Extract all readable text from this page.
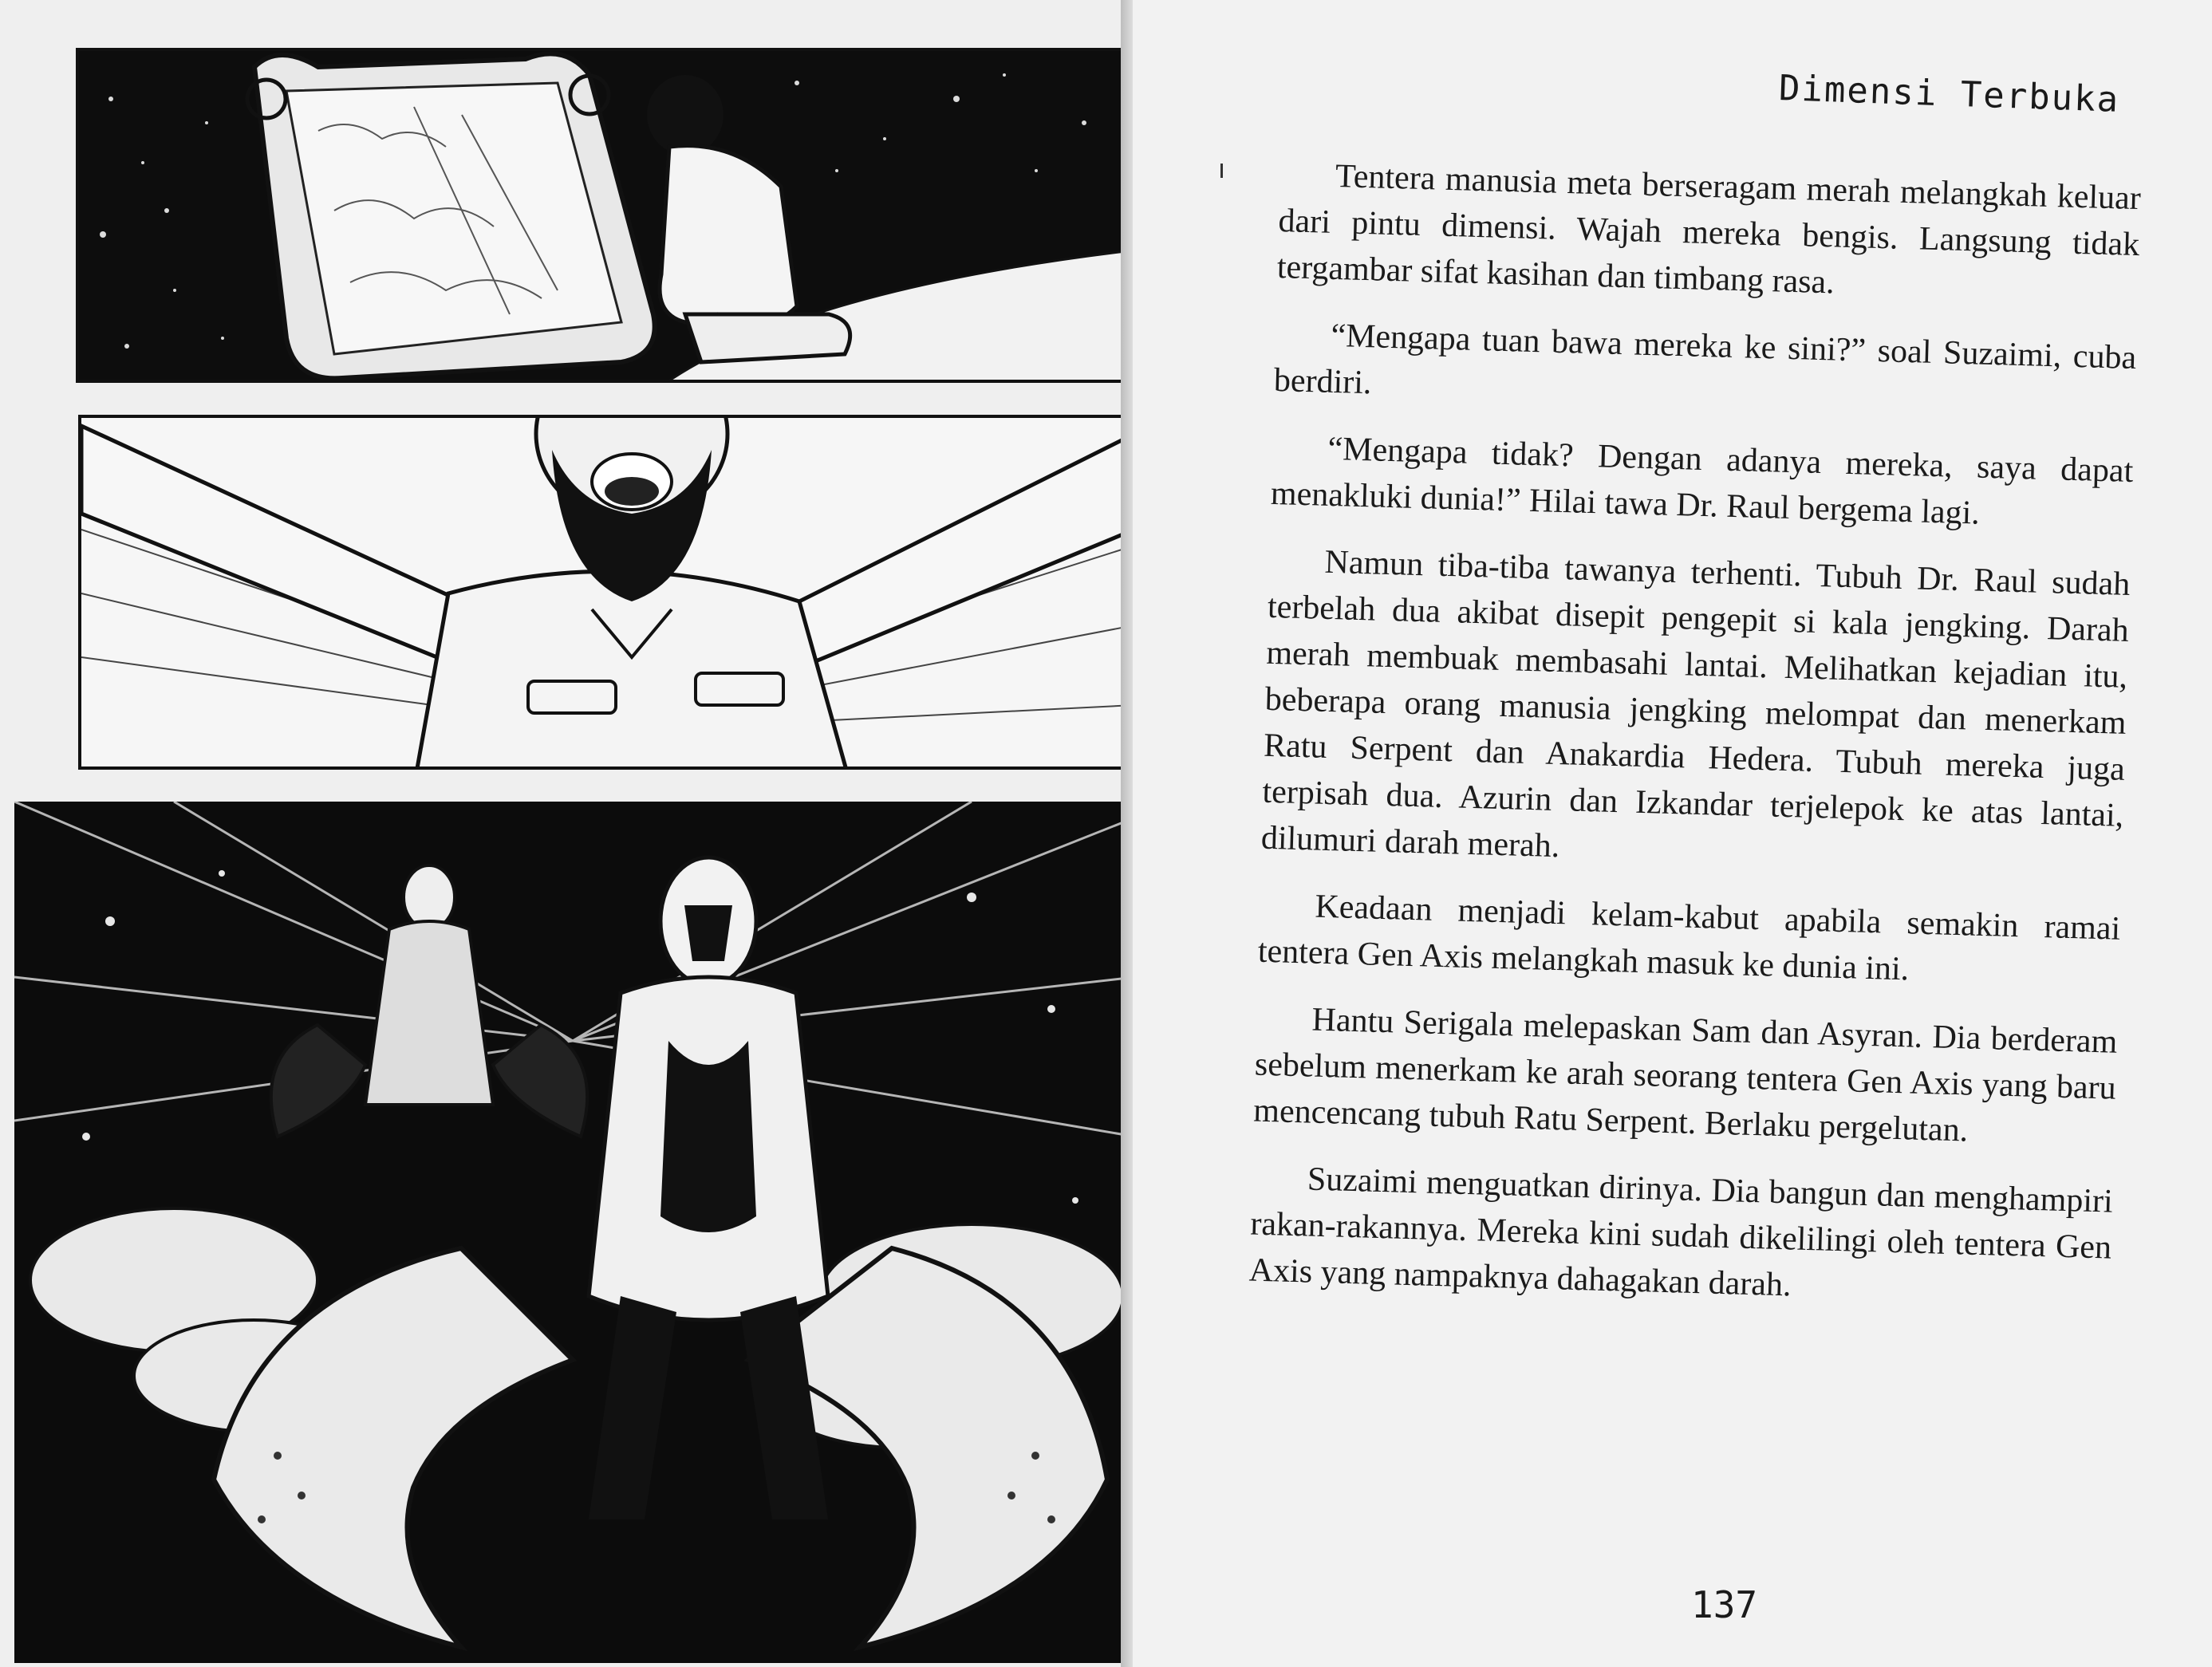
Dimensi Terbuka

Tentera manusia meta berseragam merah melangkah keluar dari pintu dimensi. Wajah mereka bengis. Langsung tidak tergambar sifat kasihan dan timbang rasa.

“Mengapa tuan bawa mereka ke sini?” soal Suzaimi, cuba berdiri.

“Mengapa tidak? Dengan adanya mereka, saya dapat menakluki dunia!” Hilai tawa Dr. Raul bergema lagi.

Namun tiba-tiba tawanya terhenti. Tubuh Dr. Raul sudah terbelah dua akibat disepit pengepit si kala jengking. Darah merah membuak membasahi lantai. Melihatkan kejadian itu, beberapa orang manusia jengking melompat dan menerkam Ratu Serpent dan Anakardia Hedera. Tubuh mereka juga terpisah dua. Azurin dan Izkandar terjelepok ke atas lantai, dilumuri darah merah.

Keadaan menjadi kelam-kabut apabila semakin ramai tentera Gen Axis melangkah masuk ke dunia ini.

Hantu Serigala melepaskan Sam dan Asyran. Dia berderam sebelum menerkam ke arah seorang tentera Gen Axis yang baru mencencang tubuh Ratu Serpent. Berlaku pergelutan.

Suzaimi menguatkan dirinya. Dia bangun dan menghampiri rakan-rakannya. Mereka kini sudah dikelilingi oleh tentera Gen Axis yang nampaknya dahagakan darah.

137
